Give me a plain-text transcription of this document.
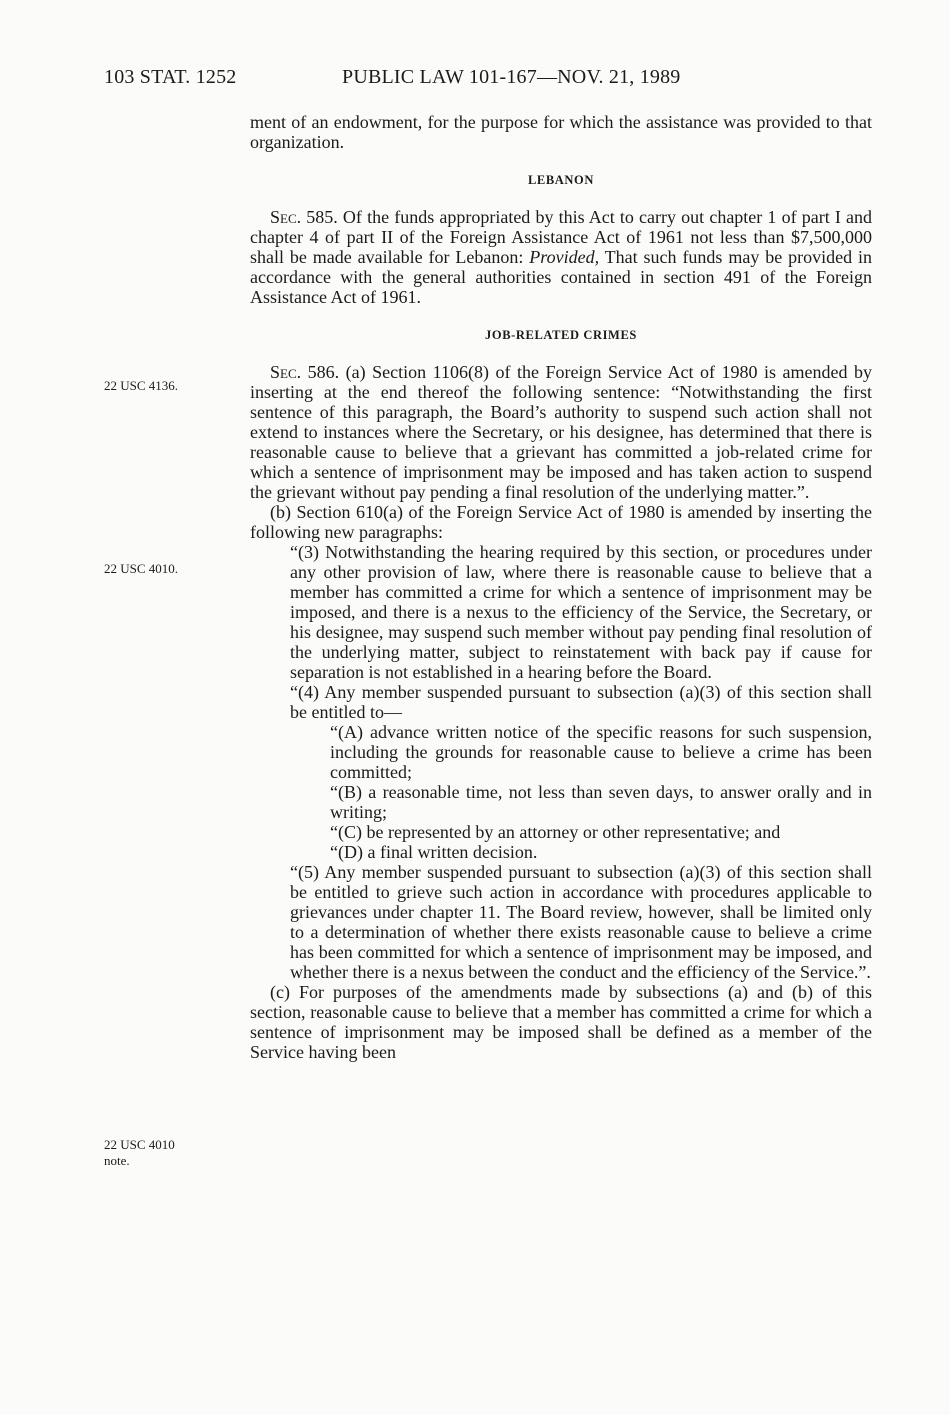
103 STAT. 1252	PUBLIC LAW 101-167—NOV. 21, 1989
22 USC 4136.
22 USC 4010.
22 USC 4010
note.

ment of an endowment, for the purpose for which the assistance was provided to that organization.

LEBANON

Sec. 585. Of the funds appropriated by this Act to carry out chapter 1 of part I and chapter 4 of part II of the Foreign Assistance Act of 1961 not less than $7,500,000 shall be made available for Lebanon: Provided, That such funds may be provided in accordance with the general authorities contained in section 491 of the Foreign Assistance Act of 1961.

JOB-RELATED CRIMES

Sec. 586. (a) Section 1106(8) of the Foreign Service Act of 1980 is amended by inserting at the end thereof the following sentence: “Notwithstanding the first sentence of this paragraph, the Board’s authority to suspend such action shall not extend to instances where the Secretary, or his designee, has determined that there is reasonable cause to believe that a grievant has committed a job-related crime for which a sentence of imprisonment may be imposed and has taken action to suspend the grievant without pay pending a final resolution of the underlying matter.”.

(b) Section 610(a) of the Foreign Service Act of 1980 is amended by inserting the following new paragraphs:

“(3) Notwithstanding the hearing required by this section, or procedures under any other provision of law, where there is reasonable cause to believe that a member has committed a crime for which a sentence of imprisonment may be imposed, and there is a nexus to the efficiency of the Service, the Secretary, or his designee, may suspend such member without pay pending final resolution of the underlying matter, subject to reinstatement with back pay if cause for separation is not established in a hearing before the Board.

“(4) Any member suspended pursuant to subsection (a)(3) of this section shall be entitled to—

“(A) advance written notice of the specific reasons for such suspension, including the grounds for reasonable cause to believe a crime has been committed;

“(B) a reasonable time, not less than seven days, to answer orally and in writing;

“(C) be represented by an attorney or other representative; and

“(D) a final written decision.

“(5) Any member suspended pursuant to subsection (a)(3) of this section shall be entitled to grieve such action in accordance with procedures applicable to grievances under chapter 11. The Board review, however, shall be limited only to a determination of whether there exists reasonable cause to believe a crime has been committed for which a sentence of imprisonment may be imposed, and whether there is a nexus between the conduct and the efficiency of the Service.”.

(c) For purposes of the amendments made by subsections (a) and (b) of this section, reasonable cause to believe that a member has committed a crime for which a sentence of imprisonment may be imposed shall be defined as a member of the Service having been
